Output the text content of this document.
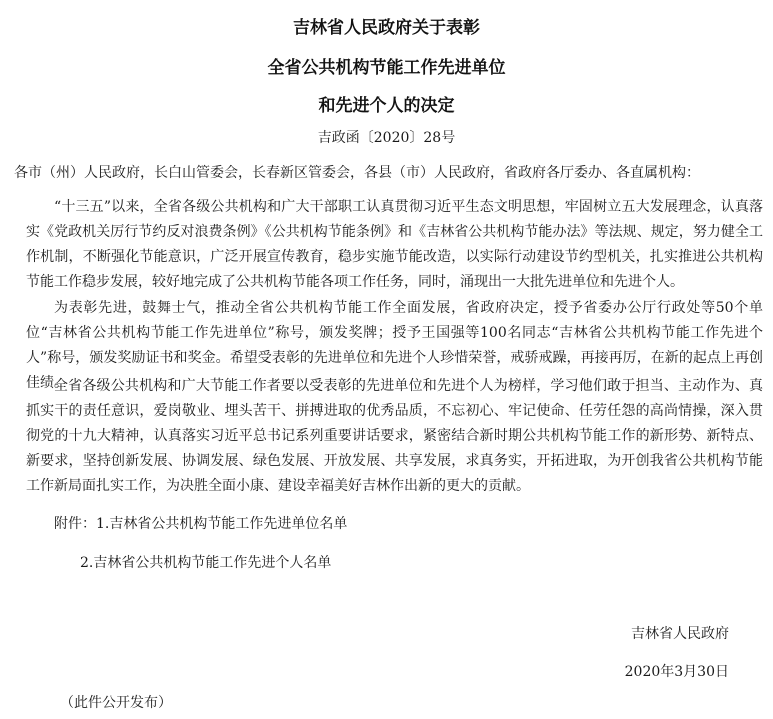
吉林省人民政府关于表彰
全省公共机构节能工作先进单位
和先进个人的决定
吉政函〔2020〕28号
各市（州）人民政府，长白山管委会，长春新区管委会，各县（市）人民政府，省政府各厅委办、各直属机构：

“十三五”以来，全省各级公共机构和广大干部职工认真贯彻习近平生态文明思想，牢固树立五大发展理念，认真落实《党政机关厉行节约反对浪费条例》《公共机构节能条例》和《吉林省公共机构节能办法》等法规、规定，努力健全工作机制，不断强化节能意识，广泛开展宣传教育，稳步实施节能改造，以实际行动建设节约型机关，扎实推进公共机构节能工作稳步发展，较好地完成了公共机构节能各项工作任务，同时，涌现出一大批先进单位和先进个人。

为表彰先进，鼓舞士气，推动全省公共机构节能工作全面发展，省政府决定，授予省委办公厅行政处等50个单位“吉林省公共机构节能工作先进单位”称号，颁发奖牌；授予王国强等100名同志“吉林省公共机构节能工作先进个人”称号，颁发奖励证书和奖金。希望受表彰的先进单位和先进个人珍惜荣誉，戒骄戒躁，再接再厉，在新的起点上再创佳绩。

全省各级公共机构和广大节能工作者要以受表彰的先进单位和先进个人为榜样，学习他们敢于担当、主动作为、真抓实干的责任意识，爱岗敬业、埋头苦干、拼搏进取的优秀品质，不忘初心、牢记使命、任劳任怨的高尚情操，深入贯彻党的十九大精神，认真落实习近平总书记系列重要讲话要求，紧密结合新时期公共机构节能工作的新形势、新特点、新要求，坚持创新发展、协调发展、绿色发展、开放发展、共享发展，求真务实，开拓进取，为开创我省公共机构节能工作新局面扎实工作，为决胜全面小康、建设幸福美好吉林作出新的更大的贡献。

附件：1.吉林省公共机构节能工作先进单位名单
2.吉林省公共机构节能工作先进个人名单
吉林省人民政府
2020年3月30日
（此件公开发布）
